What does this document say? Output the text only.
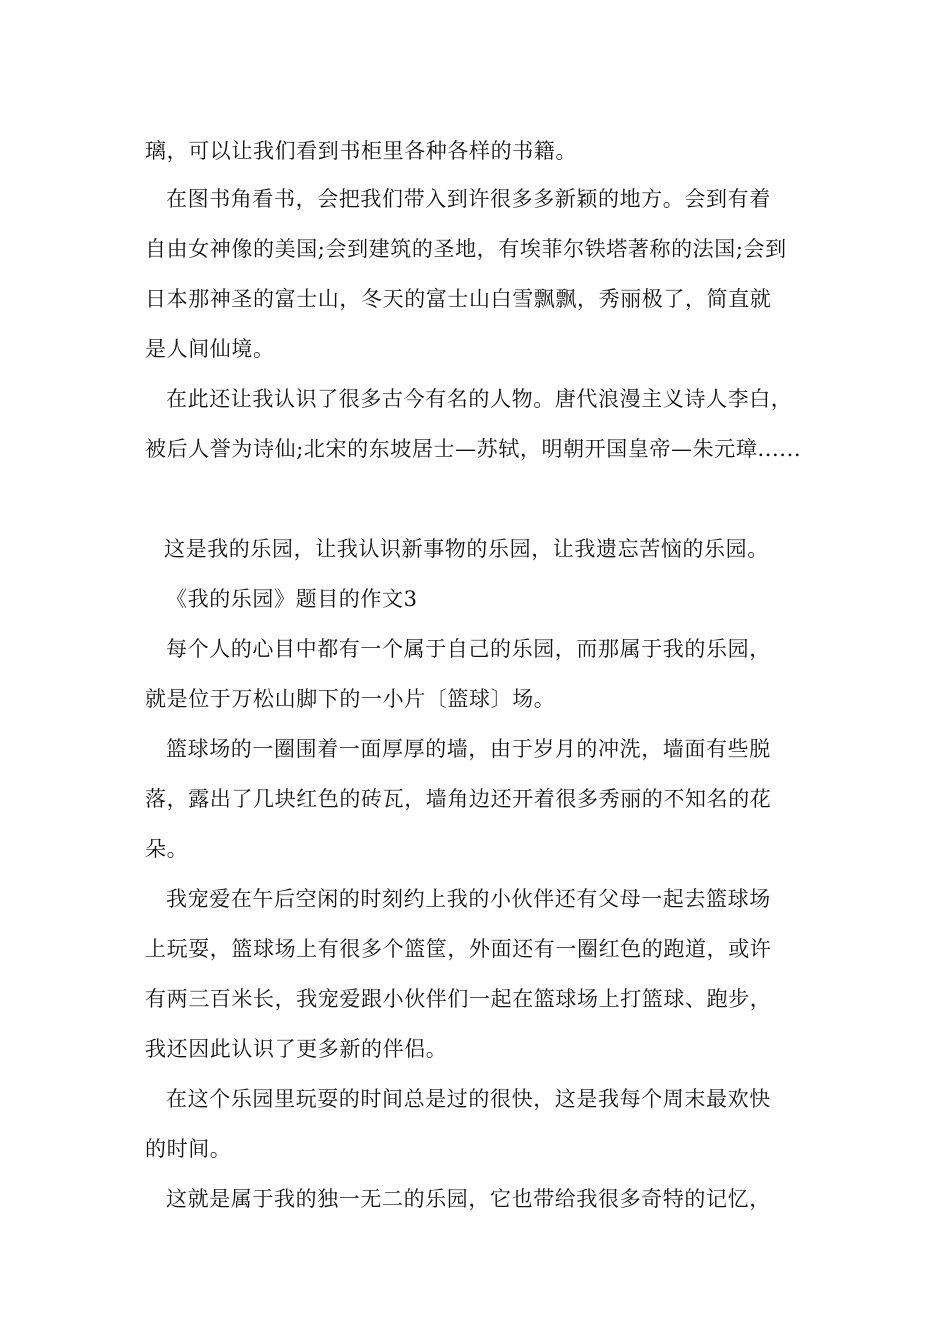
璃，可以让我们看到书柜里各种各样的书籍。
在图书角看书，会把我们带入到许很多多新颖的地方。会到有着
自由女神像的美国;会到建筑的圣地，有埃菲尔铁塔著称的法国;会到
日本那神圣的富士山，冬天的富士山白雪飘飘，秀丽极了，简直就
是人间仙境。
在此还让我认识了很多古今有名的人物。唐代浪漫主义诗人李白，
被后人誉为诗仙;北宋的东坡居士—苏轼，明朝开国皇帝—朱元璋......
这是我的乐园，让我认识新事物的乐园，让我遗忘苦恼的乐园。
《我的乐园》题目的作文3
每个人的心目中都有一个属于自己的乐园，而那属于我的乐园，
就是位于万松山脚下的一小片〔篮球〕场。
篮球场的一圈围着一面厚厚的墙，由于岁月的冲洗，墙面有些脱
落，露出了几块红色的砖瓦，墙角边还开着很多秀丽的不知名的花
朵。
我宠爱在午后空闲的时刻约上我的小伙伴还有父母一起去篮球场
上玩耍，篮球场上有很多个篮筐，外面还有一圈红色的跑道，或许
有两三百米长，我宠爱跟小伙伴们一起在篮球场上打篮球、跑步，
我还因此认识了更多新的伴侣。
在这个乐园里玩耍的时间总是过的很快，这是我每个周末最欢快
的时间。
这就是属于我的独一无二的乐园，它也带给我很多奇特的记忆，
